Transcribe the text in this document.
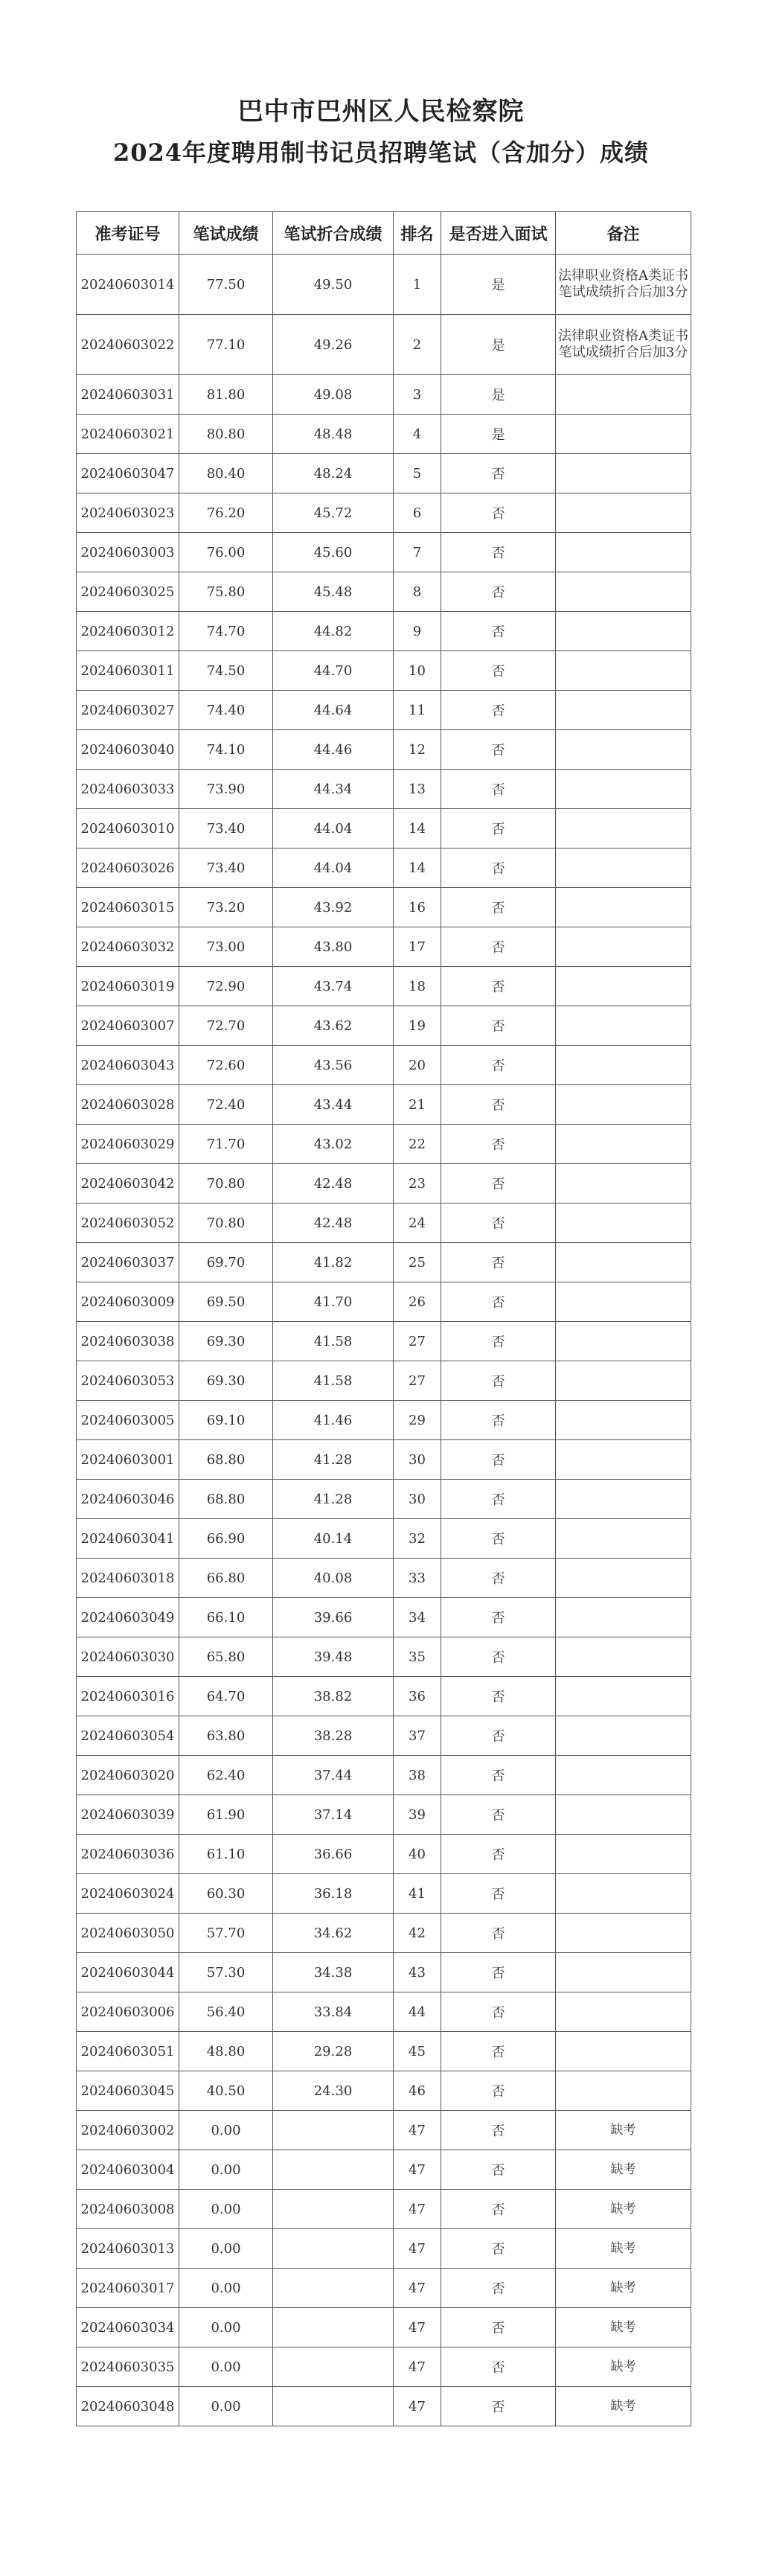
巴中市巴州区人民检察院
2024年度聘用制书记员招聘笔试（含加分）成绩
准考证号	笔试成绩	笔试折合成绩	排名	是否进入面试	备注
20240603014	77.50	49.50	1	是	法律职业资格A类证书笔试成绩折合后加3分
20240603022	77.10	49.26	2	是	法律职业资格A类证书笔试成绩折合后加3分
20240603031	81.80	49.08	3	是	
20240603021	80.80	48.48	4	是	
20240603047	80.40	48.24	5	否	
20240603023	76.20	45.72	6	否	
20240603003	76.00	45.60	7	否	
20240603025	75.80	45.48	8	否	
20240603012	74.70	44.82	9	否	
20240603011	74.50	44.70	10	否	
20240603027	74.40	44.64	11	否	
20240603040	74.10	44.46	12	否	
20240603033	73.90	44.34	13	否	
20240603010	73.40	44.04	14	否	
20240603026	73.40	44.04	14	否	
20240603015	73.20	43.92	16	否	
20240603032	73.00	43.80	17	否	
20240603019	72.90	43.74	18	否	
20240603007	72.70	43.62	19	否	
20240603043	72.60	43.56	20	否	
20240603028	72.40	43.44	21	否	
20240603029	71.70	43.02	22	否	
20240603042	70.80	42.48	23	否	
20240603052	70.80	42.48	24	否	
20240603037	69.70	41.82	25	否	
20240603009	69.50	41.70	26	否	
20240603038	69.30	41.58	27	否	
20240603053	69.30	41.58	27	否	
20240603005	69.10	41.46	29	否	
20240603001	68.80	41.28	30	否	
20240603046	68.80	41.28	30	否	
20240603041	66.90	40.14	32	否	
20240603018	66.80	40.08	33	否	
20240603049	66.10	39.66	34	否	
20240603030	65.80	39.48	35	否	
20240603016	64.70	38.82	36	否	
20240603054	63.80	38.28	37	否	
20240603020	62.40	37.44	38	否	
20240603039	61.90	37.14	39	否	
20240603036	61.10	36.66	40	否	
20240603024	60.30	36.18	41	否	
20240603050	57.70	34.62	42	否	
20240603044	57.30	34.38	43	否	
20240603006	56.40	33.84	44	否	
20240603051	48.80	29.28	45	否	
20240603045	40.50	24.30	46	否	
20240603002	0.00		47	否	缺考
20240603004	0.00		47	否	缺考
20240603008	0.00		47	否	缺考
20240603013	0.00		47	否	缺考
20240603017	0.00		47	否	缺考
20240603034	0.00		47	否	缺考
20240603035	0.00		47	否	缺考
20240603048	0.00		47	否	缺考
